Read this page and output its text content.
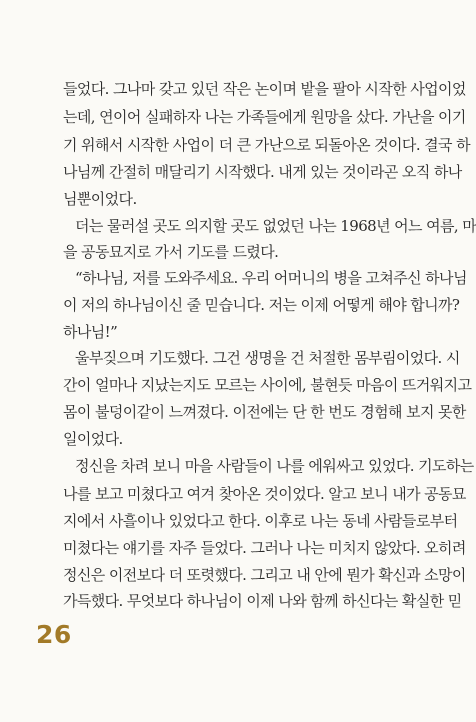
들었다. 그나마 갖고 있던 작은 논이며 밭을 팔아 시작한 사업이었
는데, 연이어 실패하자 나는 가족들에게 원망을 샀다. 가난을 이기
기 위해서 시작한 사업이 더 큰 가난으로 되돌아온 것이다. 결국 하
나님께 간절히 매달리기 시작했다. 내게 있는 것이라곤 오직 하나
님뿐이었다.
더는 물러설 곳도 의지할 곳도 없었던 나는 1968년 어느 여름, 마
을 공동묘지로 가서 기도를 드렸다.
“하나님, 저를 도와주세요. 우리 어머니의 병을 고쳐주신 하나님
이 저의 하나님이신 줄 믿습니다. 저는 이제 어떻게 해야 합니까?
하나님!”
울부짖으며 기도했다. 그건 생명을 건 처절한 몸부림이었다. 시
간이 얼마나 지났는지도 모르는 사이에, 불현듯 마음이 뜨거워지고
몸이 불덩이같이 느껴졌다. 이전에는 단 한 번도 경험해 보지 못한
일이었다.
정신을 차려 보니 마을 사람들이 나를 에워싸고 있었다. 기도하는
나를 보고 미쳤다고 여겨 찾아온 것이었다. 알고 보니 내가 공동묘
지에서 사흘이나 있었다고 한다. 이후로 나는 동네 사람들로부터
미쳤다는 얘기를 자주 들었다. 그러나 나는 미치지 않았다. 오히려
정신은 이전보다 더 또렷했다. 그리고 내 안에 뭔가 확신과 소망이
가득했다. 무엇보다 하나님이 이제 나와 함께 하신다는 확실한 믿
26
